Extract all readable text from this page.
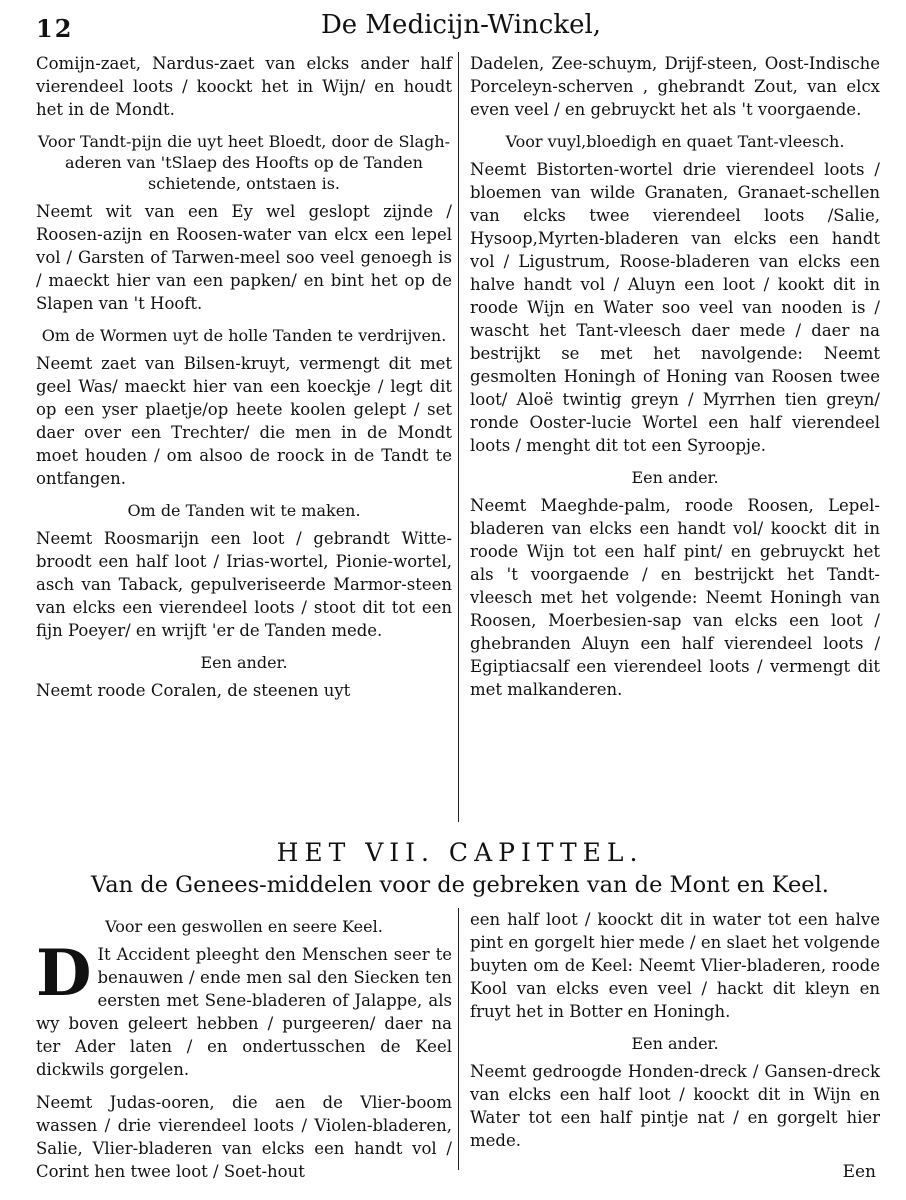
12	De Medicijn-Winckel,

Comijn-zaet, Nardus-zaet van elcks ander half vierendeel loots / koockt het in Wijn/ en houdt het in de Mondt.

Voor Tandt-pijn die uyt heet Bloedt, door de Slagh-aderen van 'tSlaep des Hoofts op de Tanden schietende, ontstaen is.

Neemt wit van een Ey wel geslopt zijnde / Roosen-azijn en Roosen-water van elcx een lepel vol / Garsten of Tarwen-meel soo veel genoegh is / maeckt hier van een papken/ en bint het op de Slapen van 't Hooft.

Om de Wormen uyt de holle Tanden te verdrijven.

Neemt zaet van Bilsen-kruyt, vermengt dit met geel Was/ maeckt hier van een koeckje / legt dit op een yser plaetje/op heete koolen gelept / set daer over een Trechter/ die men in de Mondt moet houden / om alsoo de roock in de Tandt te ontfangen.

Om de Tanden wit te maken.

Neemt Roosmarijn een loot / gebrandt Witte-broodt een half loot / Irias-wortel, Pionie-wortel, asch van Taback, gepulveriseerde Marmor-steen van elcks een vierendeel loots / stoot dit tot een fijn Poeyer/ en wrijft 'er de Tanden mede.

Een ander.

Neemt roode Coralen, de steenen uyt

Dadelen, Zee-schuym, Drijf-steen, Oost-Indische Porceleyn-scherven , ghebrandt Zout, van elcx even veel / en gebruyckt het als 't voorgaende.

Voor vuyl,bloedigh en quaet Tant-vleesch.

Neemt Bistorten-wortel drie vierendeel loots / bloemen van wilde Granaten, Granaet-schellen van elcks twee vierendeel loots /Salie, Hysoop,Myrten-bladeren van elcks een handt vol / Ligustrum, Roose-bladeren van elcks een halve handt vol / Aluyn een loot / kookt dit in roode Wijn en Water soo veel van nooden is / wascht het Tant-vleesch daer mede / daer na bestrijkt se met het navolgende: Neemt gesmolten Honingh of Honing van Roosen twee loot/ Aloë twintig greyn / Myrrhen tien greyn/ ronde Ooster-lucie Wortel een half vierendeel loots / menght dit tot een Syroopje.

Een ander.

Neemt Maeghde-palm, roode Roosen, Lepel-bladeren van elcks een handt vol/ koockt dit in roode Wijn tot een half pint/ en gebruyckt het als 't voorgaende / en bestrijckt het Tandt-vleesch met het volgende: Neemt Honingh van Roosen, Moerbesien-sap van elcks een loot / ghebranden Aluyn een half vierendeel loots / Egiptiacsalf een vierendeel loots / vermengt dit met malkanderen.

HET VII. CAPITTEL.
Van de Genees-middelen voor de gebreken van de Mont en Keel.

Voor een geswollen en seere Keel.

D It Accident pleeght den Menschen seer te benauwen / ende men sal den Siecken ten eersten met Sene-bladeren of Jalappe, als wy boven geleert hebben / purgeeren/ daer na ter Ader laten / en ondertusschen de Keel dickwils gorgelen.

Neemt Judas-ooren, die aen de Vlier-boom wassen / drie vierendeel loots / Violen-bladeren, Salie, Vlier-bladeren van elcks een handt vol / Corint hen twee loot / Soet-hout

een half loot / koockt dit in water tot een halve pint en gorgelt hier mede / en slaet het volgende buyten om de Keel: Neemt Vlier-bladeren, roode Kool van elcks even veel / hackt dit kleyn en fruyt het in Botter en Honingh.

Een ander.

Neemt gedroogde Honden-dreck / Gansen-dreck van elcks een half loot / koockt dit in Wijn en Water tot een half pintje nat / en gorgelt hier mede.

Een
